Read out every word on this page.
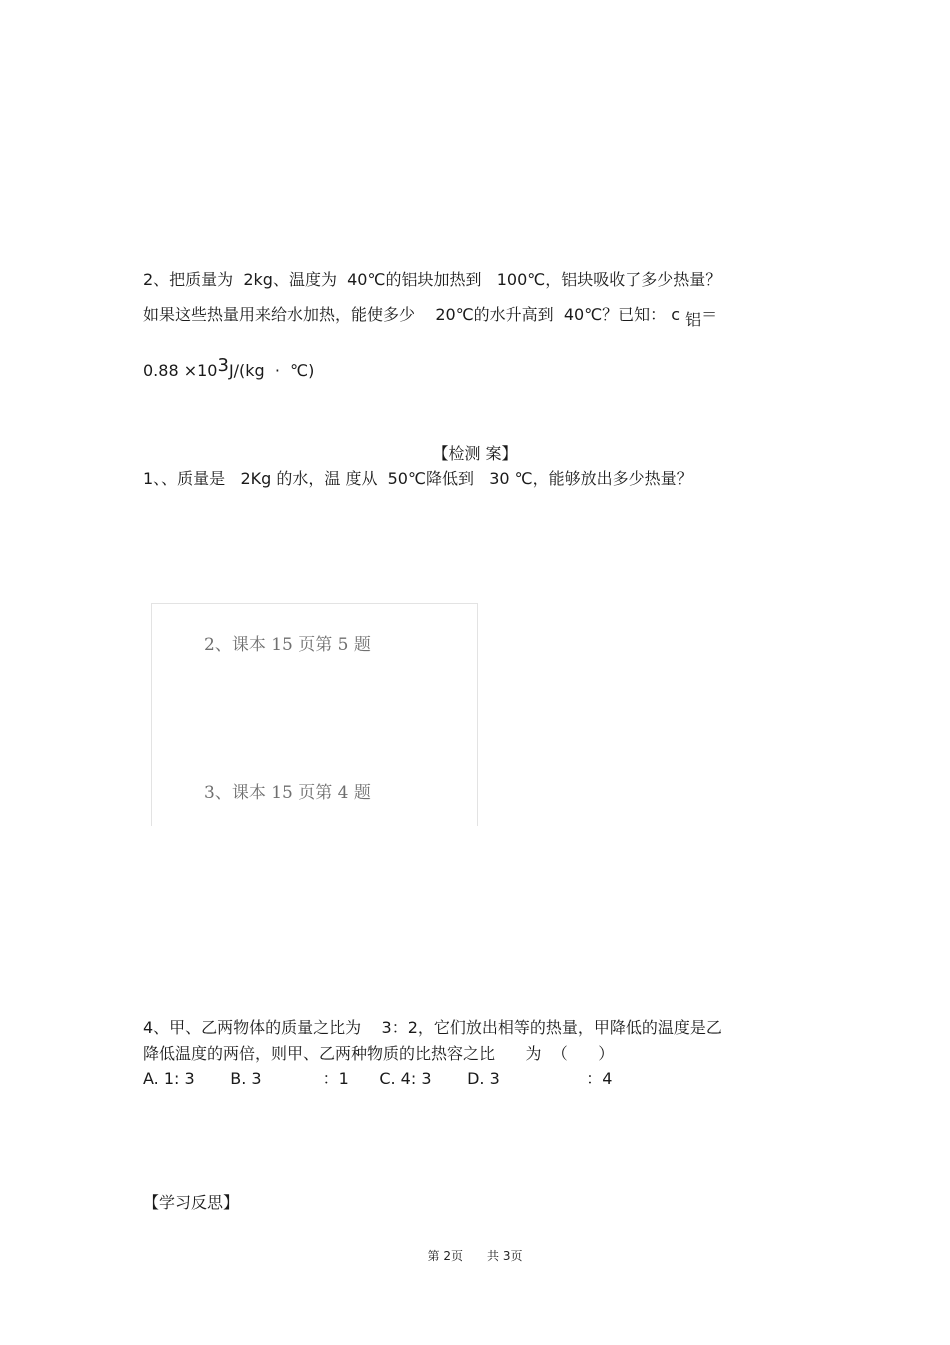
2、把质量为  2kg、温度为  40℃的铝块加热到   100℃，铝块吸收了多少热量？
如果这些热量用来给水加热，能使多少    20℃的水升高到  40℃？已知： c 铝＝
0.88 ×103J/(kg  ·  ℃)
【检测 案】
1、、质量是   2Kg 的水，温 度从  50℃降低到   30 ℃，能够放出多少热量？
2、课本 15 页第 5 题
3、课本 15 页第 4 题
4、甲、乙两物体的质量之比为    3：2，它们放出相等的热量，甲降低的温度是乙
降低温度的两倍，则甲、乙两种物质的比热容之比      为  （      ）
A. 1: 3       B. 3            ：1      C. 4: 3       D. 3                 ：4
【学习反思】
第 2页 共 3页
